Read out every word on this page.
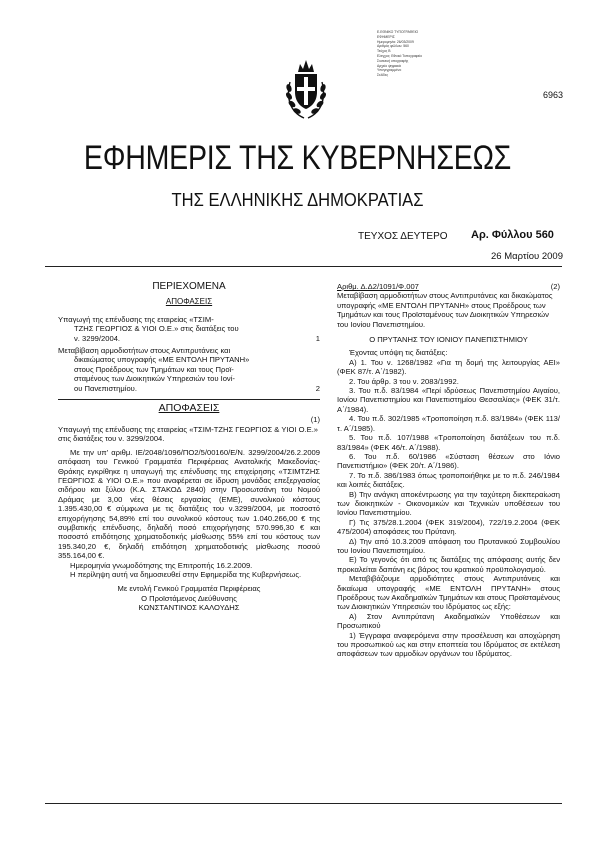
Ε.ΕΘΝΙΚΟ ΤΥΠΟΓΡΑΦΕΙΟ
ΕΦΗΜΕΡΙΣ
Ημερομηνία: 26/03/2009
Αριθμός φύλλου: 560
Τεύχος Β
Ελεγχος: Εθνικό Τυπογραφείο
Συσκευή υπογραφής
Αρχείο ψηφιακά
Υπογεγραμμένο
Σελίδες
6963
ΕΦΗΜΕΡΙΣ ΤΗΣ ΚΥΒΕΡΝΗΣΕΩΣ
ΤΗΣ ΕΛΛΗΝΙΚΗΣ ΔΗΜΟΚΡΑΤΙΑΣ
ΤΕΥΧΟΣ ΔΕΥΤΕΡΟ Αρ. Φύλλου 560
26 Μαρτίου 2009
ΠΕΡΙΕΧΟΜΕΝΑ
ΑΠΟΦΑΣΕΙΣ
Υπαγωγή της επένδυσης της εταιρείας «ΤΣΙΜ-
ΤΖΗΣ ΓΕΩΡΓΙΟΣ & ΥΙΟΙ Ο.Ε.» στις διατάξεις του
ν. 3299/2004.	1
Μεταβίβαση αρμοδιοτήτων στους Αντιπρυτάνεις και
δικαιώματος υπογραφής «ΜΕ ΕΝΤΟΛΗ ΠΡΥΤΑΝΗ»
στους Προέδρους των Τμημάτων και τους Προϊ-
σταμένους των Διοικητικών Υπηρεσιών του Ιονί-
ου Πανεπιστημίου.	2
ΑΠΟΦΑΣΕΙΣ

(1)

Υπαγωγή της επένδυσης της εταιρείας «ΤΣΙΜ-ΤΖΗΣ ΓΕΩΡΓΙΟΣ & ΥΙΟΙ Ο.Ε.» στις διατάξεις του ν. 3299/2004.

Με την υπ’ αριθμ. ΙΕ/2048/1096/ΠΟ2/5/00160/Ε/Ν. 3299/2004/26.2.2009 απόφαση του Γενικού Γραμματέα Περιφέρειας Ανατολικής Μακεδονίας-Θράκης εγκρίθηκε η υπαγωγή της επένδυσης της επιχείρησης «ΤΣΙΜΤΖΗΣ ΓΕΩΡΓΙΟΣ & ΥΙΟΙ Ο.Ε.» που αναφέρεται σε ίδρυση μονάδας επεξεργασίας σιδήρου και ξύλου (Κ.Α. ΣΤΑΚΟΔ 2840) στην Προσωτσάνη του Νομού Δράμας με 3,00 νέες θέσεις εργασίας (ΕΜΕ), συνολικού κόστους 1.395.430,00 € σύμφωνα με τις διατάξεις του ν.3299/2004, με ποσοστό επιχορήγησης 54,89% επί του συνολικού κόστους των 1.040.266,00 € της συμβατικής επένδυσης, δηλαδή ποσό επιχορήγησης 570.996,30 € και ποσοστό επιδότησης χρηματοδοτικής μίσθωσης 55% επί του κόστους των 195.340,20 €, δηλαδή επιδότηση χρηματοδοτικής μίσθωσης ποσού 355.164,00 €.

Ημερομηνία γνωμοδότησης της Επιτροπής 16.2.2009.

Η περίληψη αυτή να δημοσιευθεί στην Εφημερίδα της Κυβερνήσεως.

Με εντολή Γενικού Γραμματέα Περιφέρειας

Ο Προϊστάμενος Διεύθυνσης

ΚΩΝΣΤΑΝΤΙΝΟΣ ΚΑΛΟΥΔΗΣ

Αριθμ. Δ.Δ2/1091/Φ.007	(2)

Μεταβίβαση αρμοδιοτήτων στους Αντιπρυτάνεις και δικαιώματος υπογραφής «ΜΕ ΕΝΤΟΛΗ ΠΡΥΤΑΝΗ» στους Προέδρους των Τμημάτων και τους Προϊσταμένους των Διοικητικών Υπηρεσιών του Ιονίου Πανεπιστημίου.

Ο ΠΡΥΤΑΝΗΣ ΤΟΥ ΙΟΝΙΟΥ ΠΑΝΕΠΙΣΤΗΜΙΟΥ

Έχοντας υπόψη τις διατάξεις:

Α) 1. Του ν. 1268/1982 «Για τη δομή της λειτουργίας ΑΕΙ» (ΦΕΚ 87/τ. Α΄/1982).

2. Του άρθρ. 3 του ν. 2083/1992.

3. Του π.δ. 83/1984 «Περί ιδρύσεως Πανεπιστημίου Αιγαίου, Ιονίου Πανεπιστημίου και Πανεπιστημίου Θεσσαλίας» (ΦΕΚ 31/τ. Α΄/1984).

4. Του π.δ. 302/1985 «Τροποποίηση π.δ. 83/1984» (ΦΕΚ 113/τ. Α΄/1985).

5. Του π.δ. 107/1988 «Τροποποίηση διατάξεων του π.δ. 83/1984» (ΦΕΚ 46/τ. Α΄/1988).

6. Του π.δ. 60/1986 «Σύσταση θέσεων στο Ιόνιο Πανεπιστήμιο» (ΦΕΚ 20/τ. Α΄/1986).

7. Το π.δ. 386/1983 όπως τροποποιήθηκε με το π.δ. 246/1984 και λοιπές διατάξεις.

Β) Την ανάγκη αποκέντρωσης για την ταχύτερη διεκπεραίωση των διοικητικών - Οικονομικών και Τεχνικών υποθέσεων του Ιονίου Πανεπιστημίου.

Γ) Τις 375/28.1.2004 (ΦΕΚ 319/2004), 722/19.2.2004 (ΦΕΚ 475/2004) αποφάσεις του Πρύτανη.

Δ) Την από 10.3.2009 απόφαση του Πρυτανικού Συμβουλίου του Ιονίου Πανεπιστημίου.

Ε) Το γεγονός ότι από τις διατάξεις της απόφασης αυτής δεν προκαλείται δαπάνη εις βάρος του κρατικού προϋπολογισμού.

Μεταβιβάζουμε αρμοδιότητες στους Αντιπρυτάνεις και δικαίωμα υπογραφής «ΜΕ ΕΝΤΟΛΗ ΠΡΥΤΑΝΗ» στους Προέδρους των Ακαδημαϊκών Τμημάτων και στους Προϊσταμένους των Διοικητικών Υπηρεσιών του Ιδρύματος ως εξής:

Α) Στον Αντιπρύτανη Ακαδημαϊκών Υποθέσεων και Προσωπικού

1) Έγγραφα αναφερόμενα στην προσέλευση και αποχώρηση του προσωπικού ως και στην εποπτεία του Ιδρύματος σε εκτέλεση αποφάσεων των αρμοδίων οργάνων του Ιδρύματος.
